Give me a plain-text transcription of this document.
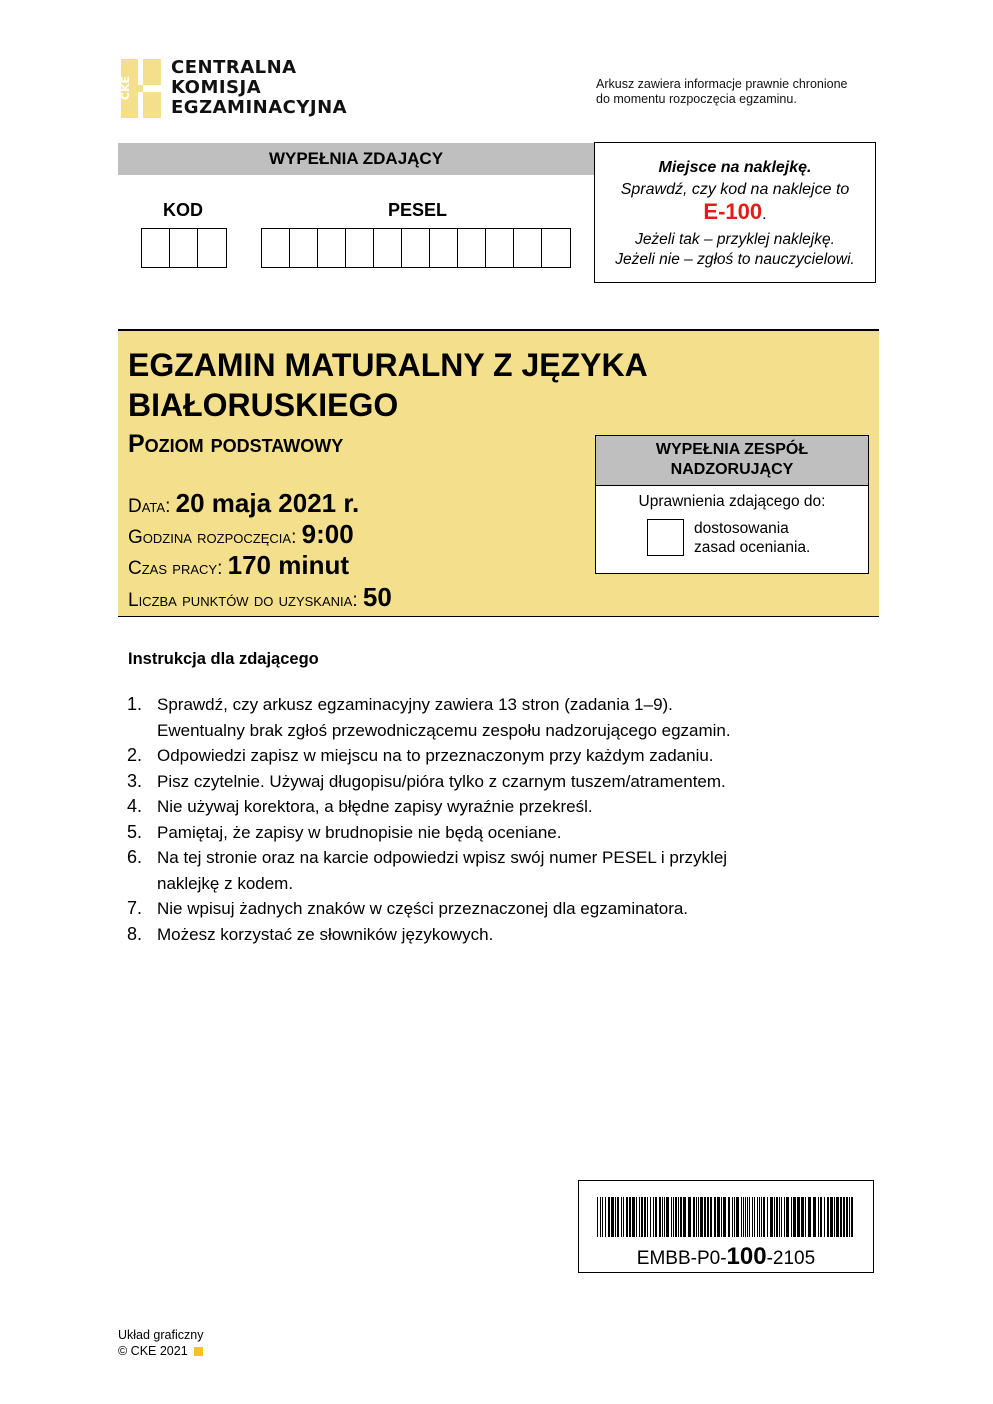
CKE
CENTRALNA
KOMISJA
EGZAMINACYJNA
Arkusz zawiera informacje prawnie chronione
do momentu rozpoczęcia egzaminu.
WYPEŁNIA ZDAJĄCY
KOD	PESEL
Miejsce na naklejkę.
Sprawdź, czy kod na naklejce to
E-100.
Jeżeli tak – przyklej naklejkę.
Jeżeli nie – zgłoś to nauczycielowi.
EGZAMIN MATURALNY Z JĘZYKA
BIAŁORUSKIEGO
Poziom podstawowy
Data: 20 maja 2021 r.
Godzina rozpoczęcia: 9:00
Czas pracy: 170 minut
Liczba punktów do uzyskania: 50
WYPEŁNIA ZESPÓŁ
NADZORUJĄCY
Uprawnienia zdającego do:
dostosowania
zasad oceniania.
Instrukcja dla zdającego
1. Sprawdź, czy arkusz egzaminacyjny zawiera 13 stron (zadania 1–9).
Ewentualny brak zgłoś przewodniczącemu zespołu nadzorującego egzamin.
2. Odpowiedzi zapisz w miejscu na to przeznaczonym przy każdym zadaniu.
3. Pisz czytelnie. Używaj długopisu/pióra tylko z czarnym tuszem/atramentem.
4. Nie używaj korektora, a błędne zapisy wyraźnie przekreśl.
5. Pamiętaj, że zapisy w brudnopisie nie będą oceniane.
6. Na tej stronie oraz na karcie odpowiedzi wpisz swój numer PESEL i przyklej
naklejkę z kodem.
7. Nie wpisuj żadnych znaków w części przeznaczonej dla egzaminatora.
8. Możesz korzystać ze słowników językowych.
EMBB-P0-100-2105
Układ graficzny
© CKE 2021
